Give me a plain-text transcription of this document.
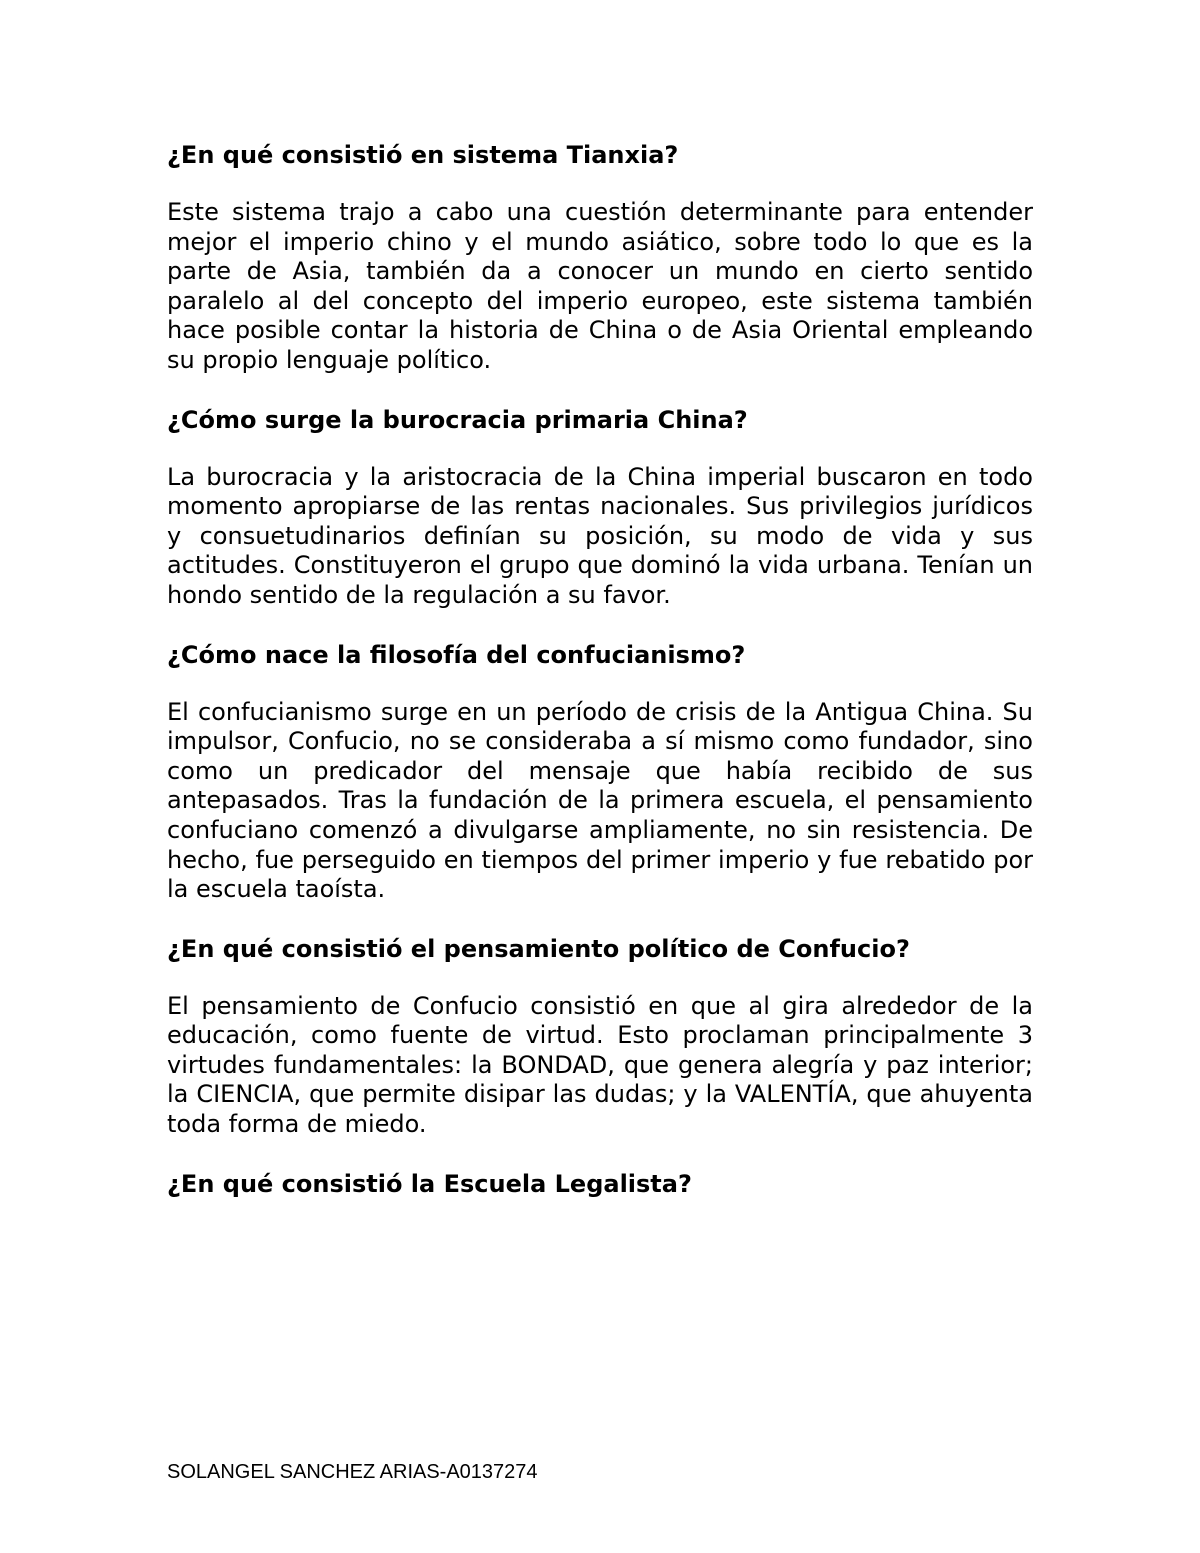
¿En qué consistió en sistema Tianxia?

Este sistema trajo a cabo una cuestión determinante para entender mejor el imperio chino y el mundo asiático, sobre todo lo que es la parte de Asia, también da a conocer un mundo en cierto sentido paralelo al del concepto del imperio europeo, este sistema también hace posible contar la historia de China o de Asia Oriental empleando su propio lenguaje político.

¿Cómo surge la burocracia primaria China?

La burocracia y la aristocracia de la China imperial buscaron en todo momento apropiarse de las rentas nacionales. Sus privilegios jurídicos y consuetudinarios definían su posición, su modo de vida y sus actitudes. Constituyeron el grupo que dominó la vida urbana. Tenían un hondo sentido de la regulación a su favor.

¿Cómo nace la filosofía del confucianismo?

El confucianismo surge en un período de crisis de la Antigua China. Su impulsor, Confucio, no se consideraba a sí mismo como fundador, sino como un predicador del mensaje que había recibido de sus antepasados. Tras la fundación de la primera escuela, el pensamiento confuciano comenzó a divulgarse ampliamente, no sin resistencia. De hecho, fue perseguido en tiempos del primer imperio y fue rebatido por la escuela taoísta.

¿En qué consistió el pensamiento político de Confucio?

El pensamiento de Confucio consistió en que al gira alrededor de la educación, como fuente de virtud. Esto proclaman principalmente 3 virtudes fundamentales: la BONDAD, que genera alegría y paz interior; la CIENCIA, que permite disipar las dudas; y la VALENTÍA, que ahuyenta toda forma de miedo.

¿En qué consistió la Escuela Legalista?
SOLANGEL SANCHEZ ARIAS-A0137274
